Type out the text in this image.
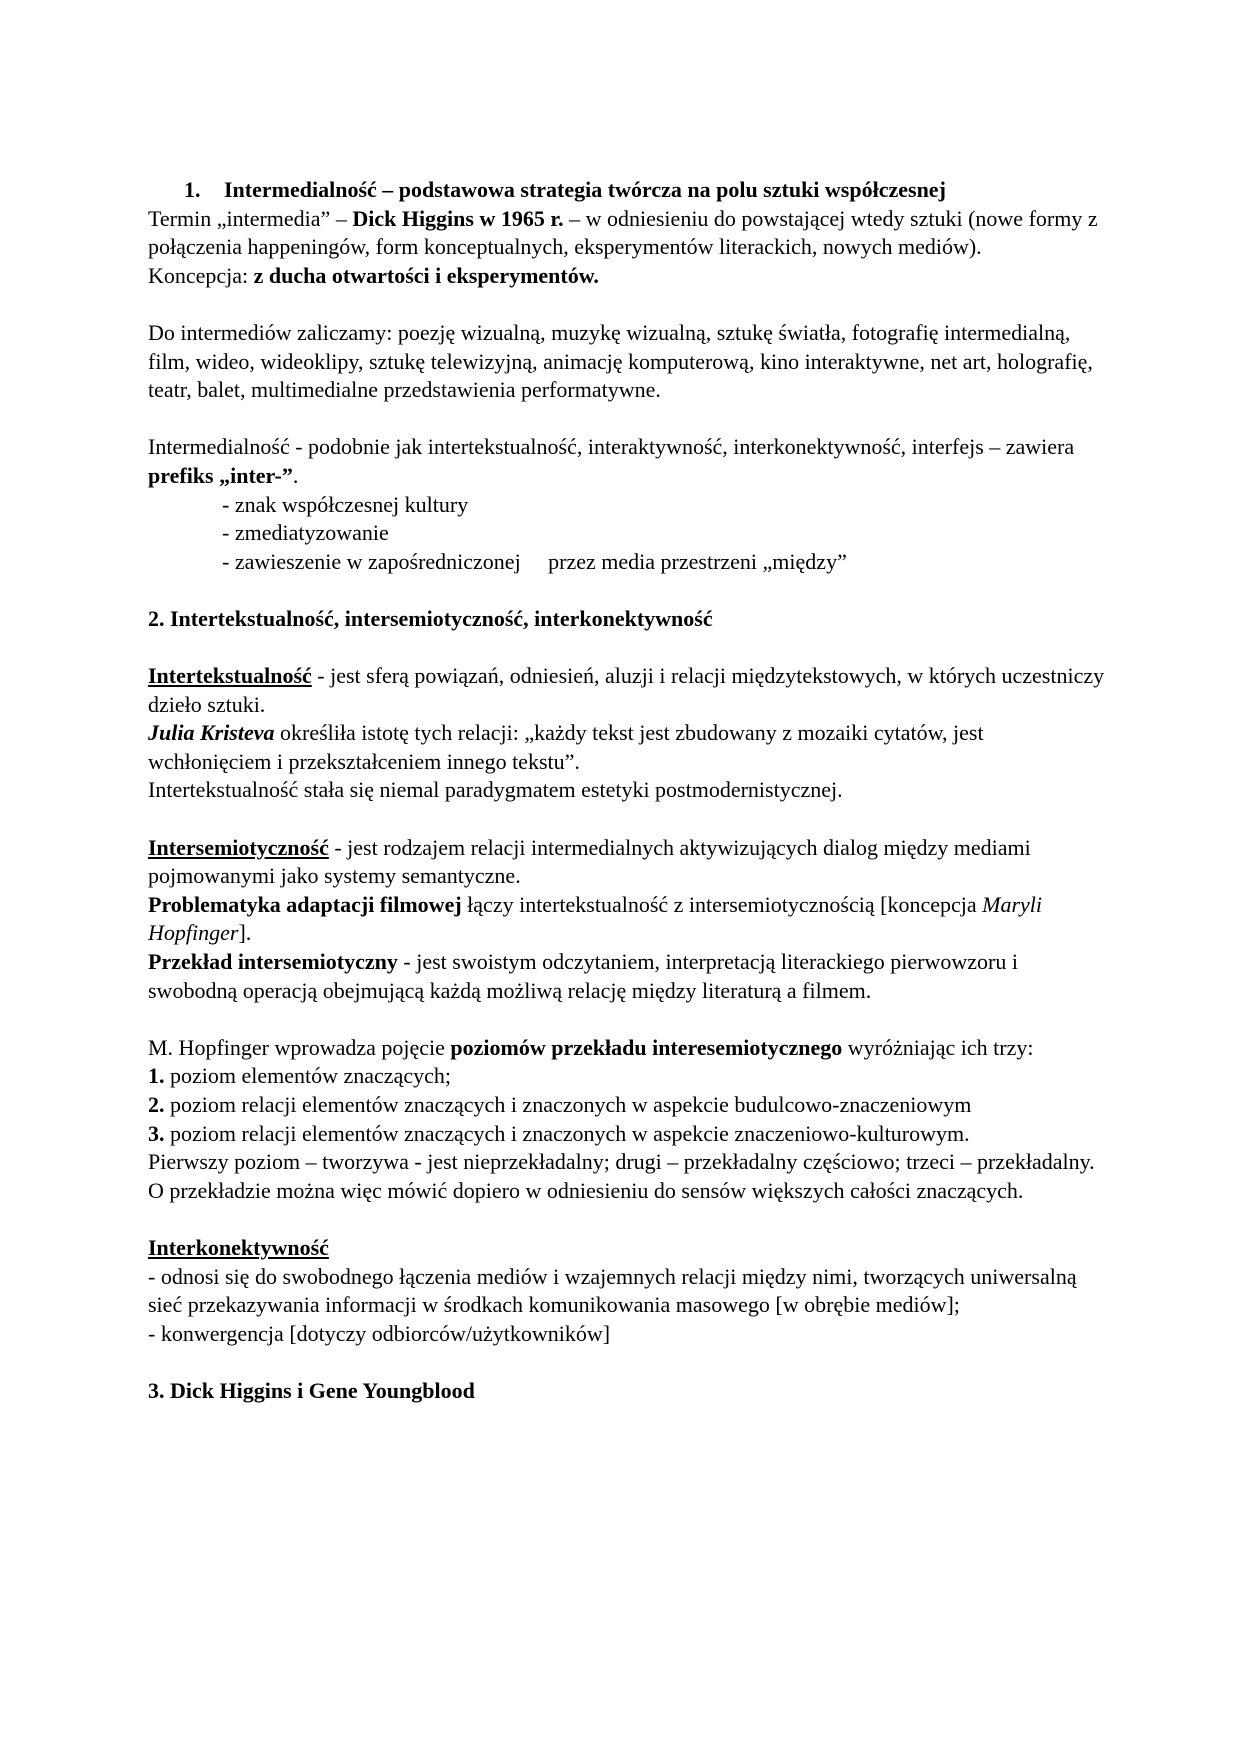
1. Intermedialność – podstawowa strategia twórcza na polu sztuki współczesnej

Termin „intermedia” – Dick Higgins w 1965 r. – w odniesieniu do powstającej wtedy sztuki (nowe formy z połączenia happeningów, form konceptualnych, eksperymentów literackich, nowych mediów).

Koncepcja: z ducha otwartości i eksperymentów.

Do intermediów zaliczamy: poezję wizualną, muzykę wizualną, sztukę światła, fotografię intermedialną, film, wideo, wideoklipy, sztukę telewizyjną, animację komputerową, kino interaktywne, net art, holografię, teatr, balet, multimedialne przedstawienia performatywne.

Intermedialność - podobnie jak intertekstualność, interaktywność, interkonektywność, interfejs – zawiera prefiks „inter-”.

- znak współczesnej kultury

- zmediatyzowanie

- zawieszenie w zapośredniczonej     przez media przestrzeni „między”

2. Intertekstualność, intersemiotyczność, interkonektywność

Intertekstualność - jest sferą powiązań, odniesień, aluzji i relacji międzytekstowych, w których uczestniczy dzieło sztuki.

Julia Kristeva określiła istotę tych relacji: „każdy tekst jest zbudowany z mozaiki cytatów, jest wchłonięciem i przekształceniem innego tekstu”.

Intertekstualność stała się niemal paradygmatem estetyki postmodernistycznej.

Intersemiotyczność - jest rodzajem relacji intermedialnych aktywizujących dialog między mediami pojmowanymi jako systemy semantyczne.

Problematyka adaptacji filmowej łączy intertekstualność z intersemiotycznością [koncepcja Maryli Hopfinger].

Przekład intersemiotyczny - jest swoistym odczytaniem, interpretacją literackiego pierwowzoru i swobodną operacją obejmującą każdą możliwą relację między literaturą a filmem.

M. Hopfinger wprowadza pojęcie poziomów przekładu interesemiotycznego wyróżniając ich trzy:

1. poziom elementów znaczących;

2. poziom relacji elementów znaczących i znaczonych w aspekcie budulcowo-znaczeniowym

3. poziom relacji elementów znaczących i znaczonych w aspekcie znaczeniowo-kulturowym.

Pierwszy poziom – tworzywa - jest nieprzekładalny; drugi – przekładalny częściowo; trzeci – przekładalny. O przekładzie można więc mówić dopiero w odniesieniu do sensów większych całości znaczących.

Interkonektywność

- odnosi się do swobodnego łączenia mediów i wzajemnych relacji między nimi, tworzących uniwersalną sieć przekazywania informacji w środkach komunikowania masowego [w obrębie mediów];

- konwergencja [dotyczy odbiorców/użytkowników]

3. Dick Higgins i Gene Youngblood
